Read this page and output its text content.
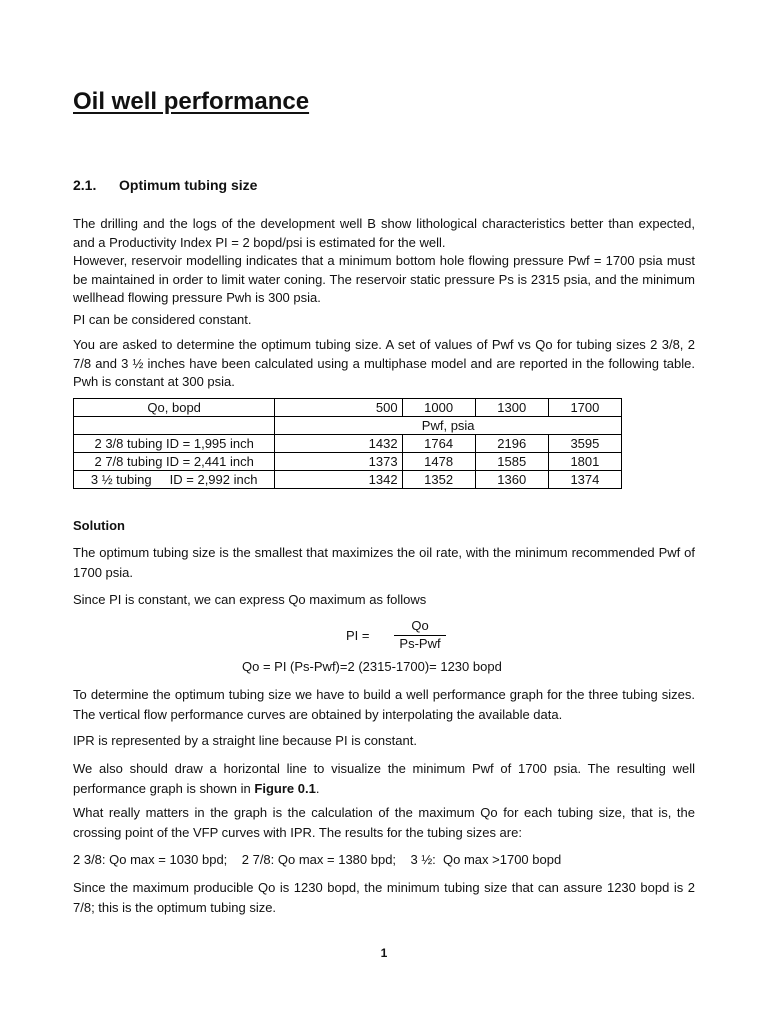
Oil well performance
2.1. Optimum tubing size

The drilling and the logs of the development well B show lithological characteristics better than expected, and a Productivity Index PI = 2 bopd/psi is estimated for the well.

However, reservoir modelling indicates that a minimum bottom hole flowing pressure Pwf = 1700 psia must be maintained in order to limit water coning. The reservoir static pressure Ps is 2315 psia, and the minimum wellhead flowing pressure Pwh is 300 psia.

PI can be considered constant.

You are asked to determine the optimum tubing size. A set of values of Pwf vs Qo for tubing sizes 2 3/8, 2 7/8 and 3 ½ inches have been calculated using a multiphase model and are reported in the following table. Pwh is constant at 300 psia.

Qo, bopd	500	1000	1300	1700
	Pwf, psia			
2 3/8 tubing ID = 1,995 inch	1432	1764	2196	3595
2 7/8 tubing ID = 2,441 inch	1373	1478	1585	1801
3 ½ tubing     ID = 2,992 inch	1342	1352	1360	1374

Solution

The optimum tubing size is the smallest that maximizes the oil rate, with the minimum recommended Pwf of 1700 psia.

Since PI is constant, we can express Qo maximum as follows

PI =
Qo
Ps-Pwf
Qo = PI (Ps-Pwf)=2 (2315-1700)= 1230 bopd

To determine the optimum tubing size we have to build a well performance graph for the three tubing sizes. The vertical flow performance curves are obtained by interpolating the available data.

IPR is represented by a straight line because PI is constant.

We also should draw a horizontal line to visualize the minimum Pwf of 1700 psia. The resulting well performance graph is shown in Figure 0.1.

What really matters in the graph is the calculation of the maximum Qo for each tubing size, that is, the crossing point of the VFP curves with IPR. The results for the tubing sizes are:

2 3/8: Qo max = 1030 bpd;    2 7/8: Qo max = 1380 bpd;    3 ½:  Qo max >1700 bopd

Since the maximum producible Qo is 1230 bopd, the minimum tubing size that can assure 1230 bopd is 2 7/8; this is the optimum tubing size.

1
